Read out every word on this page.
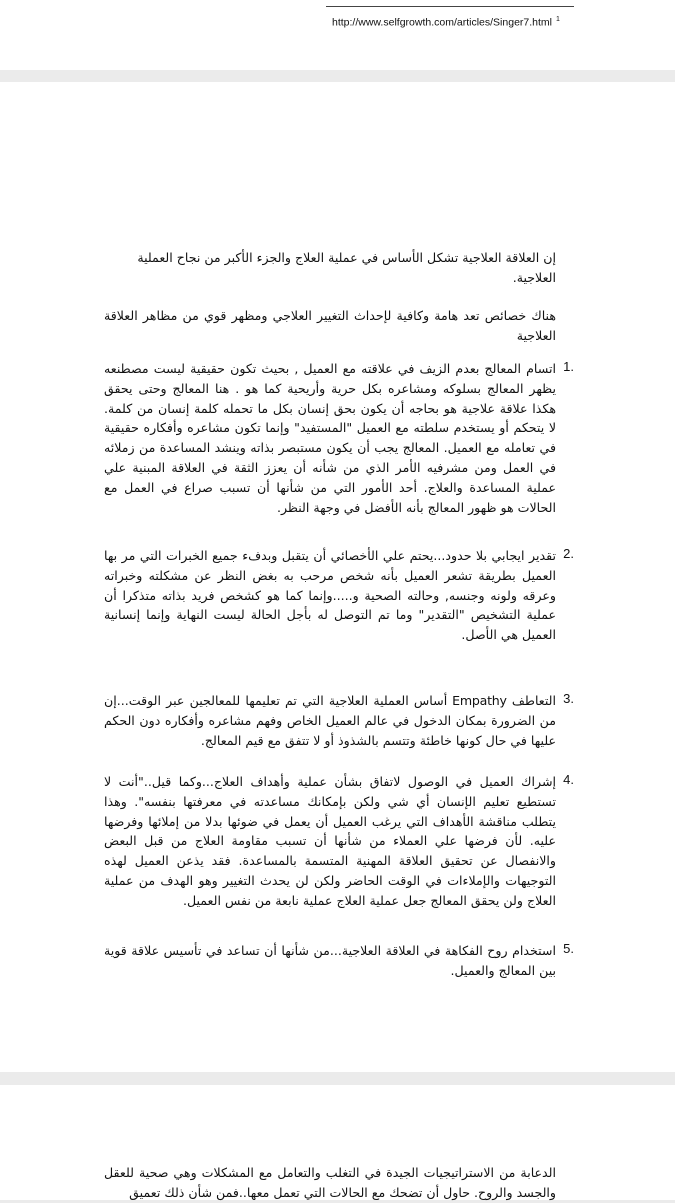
http://www.selfgrowth.com/articles/Singer7.html $^1$
إن العلاقة العلاجية تشكل الأساس في عملية العلاج والجزء الأكبر من نجاح العملية العلاجية.
هناك خصائص تعد هامة وكافية لإحداث التغيير العلاجي ومظهر قوي من مظاهر العلاقة العلاجية
1.
اتسام المعالج بعدم الزيف في علاقته مع العميل , بحيث تكون حقيقية ليست مصطنعه يظهر المعالج بسلوكه ومشاعره بكل حرية وأريحية كما هو . هنا المعالج وحتى يحقق هكذا علاقة علاجية هو بحاجه أن يكون بحق إنسان بكل ما تحمله كلمة إنسان من كلمة. لا يتحكم أو يستخدم سلطته مع العميل "المستفيد" وإنما تكون مشاعره وأفكاره حقيقية في تعامله مع العميل. المعالج يجب أن يكون مستبصر بذاته وينشد المساعدة من زملائه في العمل ومن مشرفيه الأمر الذي من شأنه أن يعزز الثقة في العلاقة المبنية علي عملية المساعدة والعلاج. أحد الأمور التي من شأنها أن تسبب صراع في العمل مع الحالات هو ظهور المعالج بأنه الأفضل في وجهة النظر.
2.
تقدير ايجابي بلا حدود...يحتم علي الأخصائي أن يتقبل وبدفء جميع الخبرات التي مر بها العميل بطريقة تشعر العميل بأنه شخص مرحب به بغض النظر عن مشكلته وخبراته وعرقه ولونه وجنسه, وحالته الصحية و.....وإنما كما هو كشخص فريد بذاته متذكرا أن عملية التشخيص "التقدير" وما تم التوصل له بأجل الحالة ليست النهاية وإنما إنسانية العميل هي الأصل.
3.
التعاطف Empathy أساس العملية العلاجية التي تم تعليمها للمعالجين عبر الوقت...إن من الضرورة بمكان الدخول في عالم العميل الخاص وفهم مشاعره وأفكاره دون الحكم عليها في حال كونها خاطئة وتتسم بالشذوذ أو لا تتفق مع قيم المعالج.
4.
إشراك العميل في الوصول لاتفاق بشأن عملية وأهداف العلاج...وكما قيل.."أنت لا تستطيع تعليم الإنسان أي شي ولكن بإمكانك مساعدته في معرفتها بنفسه". وهذا يتطلب مناقشة الأهداف التي يرغب العميل أن يعمل في ضوئها بدلا من إملائها وفرضها عليه. لأن فرضها علي العملاء من شأنها أن تسبب مقاومة العلاج من قبل البعض والانفصال عن تحقيق العلاقة المهنية المتسمة بالمساعدة. فقد يذعن العميل لهذه التوجيهات والإملاءات في الوقت الحاضر ولكن لن يحدث التغيير وهو الهدف من عملية العلاج ولن يحقق المعالج جعل عملية العلاج عملية نابعة من نفس العميل.
5.
استخدام روح الفكاهة في العلاقة العلاجية...من شأنها أن تساعد في تأسيس علاقة قوية بين المعالج والعميل.
الدعابة من الاستراتيجيات الجيدة في التغلب والتعامل مع المشكلات وهي صحية للعقل والجسد والروح. حاول أن تضحك مع الحالات التي تعمل معها..فمن شأن ذلك تعميق
